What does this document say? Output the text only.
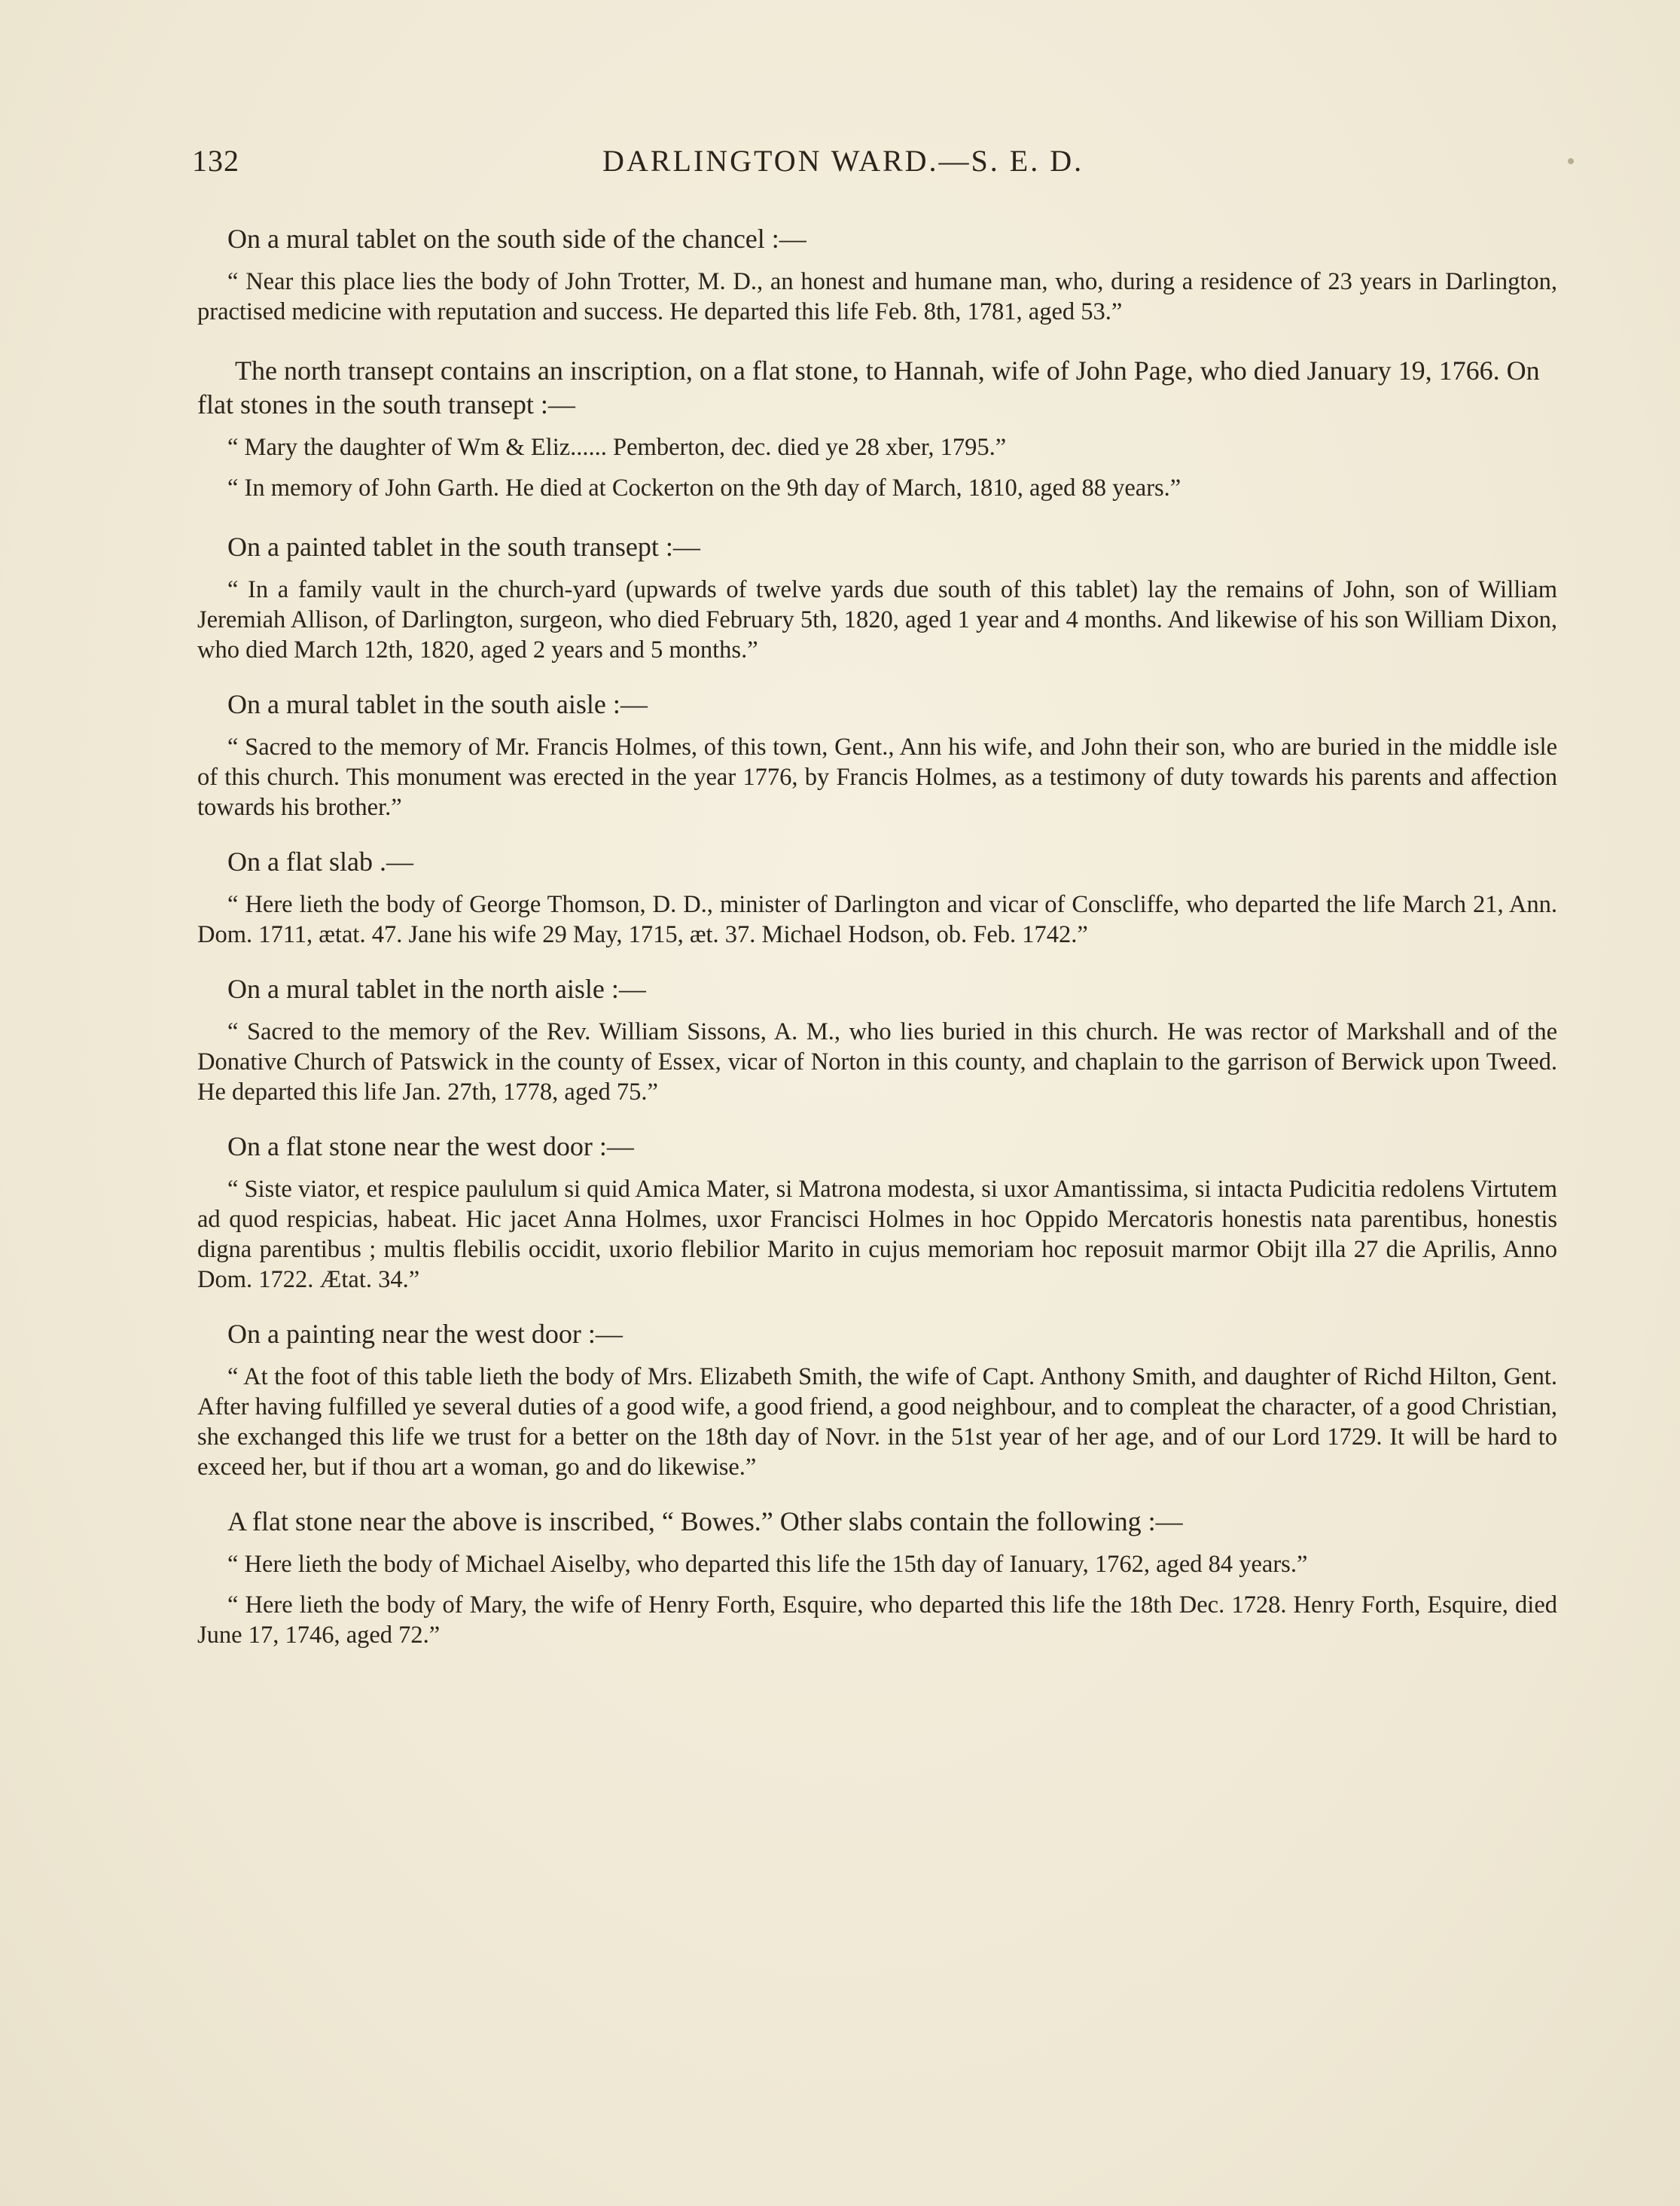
132	DARLINGTON WARD.—S. E. D.

On a mural tablet on the south side of the chancel :—

“ Near this place lies the body of John Trotter, M. D., an honest and humane man, who, during a residence of 23 years in Darlington, practised medicine with reputation and success. He departed this life Feb. 8th, 1781, aged 53.”

The north transept contains an inscription, on a flat stone, to Hannah, wife of John Page, who died January 19, 1766. On flat stones in the south transept :—

“ Mary the daughter of Wm & Eliz...... Pemberton, dec. died ye 28 xber, 1795.”

“ In memory of John Garth. He died at Cockerton on the 9th day of March, 1810, aged 88 years.”

On a painted tablet in the south transept :—

“ In a family vault in the church-yard (upwards of twelve yards due south of this tablet) lay the remains of John, son of William Jeremiah Allison, of Darlington, surgeon, who died February 5th, 1820, aged 1 year and 4 months. And likewise of his son William Dixon, who died March 12th, 1820, aged 2 years and 5 months.”

On a mural tablet in the south aisle :—

“ Sacred to the memory of Mr. Francis Holmes, of this town, Gent., Ann his wife, and John their son, who are buried in the middle isle of this church. This monument was erected in the year 1776, by Francis Holmes, as a testimony of duty towards his parents and affection towards his brother.”

On a flat slab .—

“ Here lieth the body of George Thomson, D. D., minister of Darlington and vicar of Conscliffe, who departed the life March 21, Ann. Dom. 1711, ætat. 47. Jane his wife 29 May, 1715, æt. 37. Michael Hodson, ob. Feb. 1742.”

On a mural tablet in the north aisle :—

“ Sacred to the memory of the Rev. William Sissons, A. M., who lies buried in this church. He was rector of Markshall and of the Donative Church of Patswick in the county of Essex, vicar of Norton in this county, and chaplain to the garrison of Berwick upon Tweed. He departed this life Jan. 27th, 1778, aged 75.”

On a flat stone near the west door :—

“ Siste viator, et respice paululum si quid Amica Mater, si Matrona modesta, si uxor Amantissima, si intacta Pudicitia redolens Virtutem ad quod respicias, habeat. Hic jacet Anna Holmes, uxor Francisci Holmes in hoc Oppido Mercatoris honestis nata parentibus, honestis digna parentibus ; multis flebilis occidit, uxorio flebilior Marito in cujus memoriam hoc reposuit marmor Obijt illa 27 die Aprilis, Anno Dom. 1722. Ætat. 34.”

On a painting near the west door :—

“ At the foot of this table lieth the body of Mrs. Elizabeth Smith, the wife of Capt. Anthony Smith, and daughter of Richd Hilton, Gent. After having fulfilled ye several duties of a good wife, a good friend, a good neighbour, and to compleat the character, of a good Christian, she exchanged this life we trust for a better on the 18th day of Novr. in the 51st year of her age, and of our Lord 1729. It will be hard to exceed her, but if thou art a woman, go and do likewise.”

A flat stone near the above is inscribed, “ Bowes.” Other slabs contain the following :—

“ Here lieth the body of Michael Aiselby, who departed this life the 15th day of Ianuary, 1762, aged 84 years.”

“ Here lieth the body of Mary, the wife of Henry Forth, Esquire, who departed this life the 18th Dec. 1728. Henry Forth, Esquire, died June 17, 1746, aged 72.”
